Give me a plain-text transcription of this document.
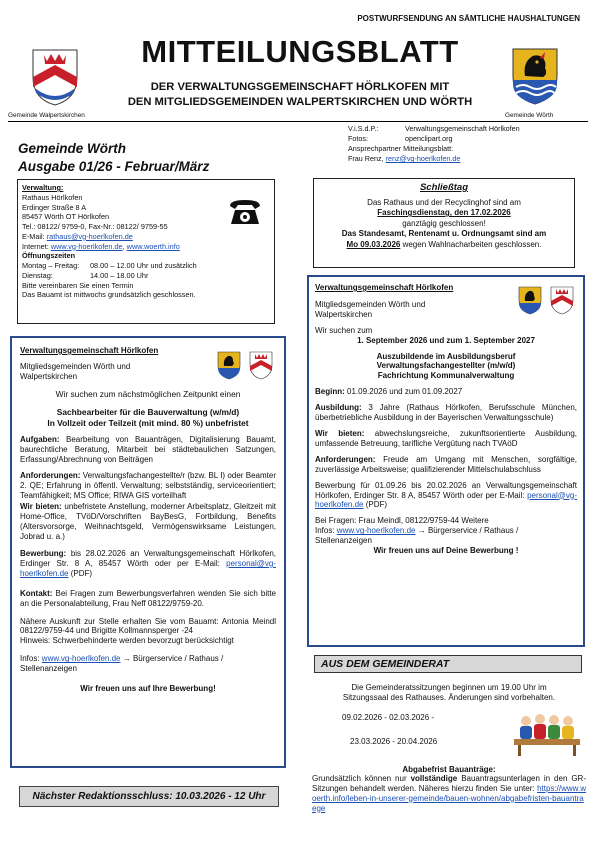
POSTWURFSENDUNG AN SÄMTLICHE HAUSHALTUNGEN
MITTEILUNGSBLATT
DER VERWALTUNGSGEMEINSCHAFT HÖRLKOFEN MIT
DEN MITGLIEDSGEMEINDEN WALPERTSKIRCHEN UND WÖRTH
Gemeinde Walpertskirchen	Gemeinde Wörth
V.i.S.d.P.:	Verwaltungsgemeinschaft Hörlkofen
Fotos:	openclipart.org
Ansprechpartner Mitteilungsblatt:
Frau Renz, renz@vg-hoerlkofen.de
Gemeinde Wörth
Ausgabe 01/26 - Februar/März
Verwaltung:
Rathaus Hörlkofen
Erdinger Straße 8 A
85457 Wörth OT Hörlkofen
Tel.: 08122/ 9759-0, Fax-Nr.: 08122/ 9759-55
E-Mail: rathaus@vg-hoerlkofen.de
Internet: www.vg-hoerlkofen.de, www.woerth.info
Öffnungszeiten
Montag – Freitag:	08.00 – 12.00 Uhr und zusätzlich
Dienstag:	14.00 – 18.00 Uhr
Bitte vereinbaren Sie einen Termin
Das Bauamt ist mittwochs grundsätzlich geschlossen.

Verwaltungsgemeinschaft Hörlkofen

Mitgliedsgemeinden Wörth und

Walpertskirchen

Wir suchen zum nächstmöglichen Zeitpunkt einen

Sachbearbeiter für die Bauverwaltung (w/m/d)

In Vollzeit oder Teilzeit (mit mind. 80 %) unbefristet

Aufgaben: Bearbeitung von Bauanträgen, Digitalisierung Bauamt, baurechtliche Beratung, Mitarbeit bei städtebaulichen Satzungen, Erfassung/Abrechnung von Beiträgen

Anforderungen: Verwaltungsfachangestellte/r (bzw. BL I) oder Beamter 2. QE; Erfahrung in öffentl. Verwaltung; selbstständig, serviceorientiert; Teamfähigkeit; MS Office; RIWA GIS vorteilhaft

Wir bieten: unbefristete Anstellung, moderner Arbeitsplatz, Gleitzeit mit Home-Office, TVöD/Vorschriften BayBesG, Fortbildung, Benefits (Altersvorsorge, Weihnachtsgeld, Vermögenswirksame Leistungen, Jobrad u. a.)

Bewerbung: bis 28.02.2026 an Verwaltungsgemeinschaft Hörlkofen, Erdinger Str. 8 A, 85457 Wörth oder per E-Mail: personal@vg-hoerlkofen.de (PDF)

Kontakt: Bei Fragen zum Bewerbungsverfahren wenden Sie sich bitte an die Personalabteilung, Frau Neff 08122/9759-20.

Nähere Auskunft zur Stelle erhalten Sie vom Bauamt: Antonia Meindl 08122/9759-44 und Brigitte Kollmannsperger -24

Hinweis: Schwerbehinderte werden bevorzugt berücksichtigt

Infos: www.vg-hoerlkofen.de → Bürgerservice / Rathaus / Stellenanzeigen

Wir freuen uns auf Ihre Bewerbung!

Nächster Redaktionsschluss: 10.03.2026 - 12 Uhr
Schließtag
Das Rathaus und der Recyclinghof sind am
Faschingsdienstag, den 17.02.2026
ganztägig geschlossen!
Das Standesamt, Rentenamt u. Ordnungsamt sind am
Mo 09.03.2026 wegen Wahlnacharbeiten geschlossen.

Verwaltungsgemeinschaft Hörlkofen

Mitgliedsgemeinden Wörth und

Walpertskirchen

Wir suchen zum

1. September 2026 und zum 1. September 2027

Auszubildende im Ausbildungsberuf

Verwaltungsfachangestellter (m/w/d)

Fachrichtung Kommunalverwaltung

Beginn: 01.09.2026 und zum 01.09.2027

Ausbildung: 3 Jahre (Rathaus Hörlkofen, Berufsschule München, überbetriebliche Ausbildung in der Bayerischen Verwaltungsschule)

Wir bieten: abwechslungsreiche, zukunftsorientierte Ausbildung, umfassende Betreuung, tarifliche Vergütung nach TVAöD

Anforderungen: Freude am Umgang mit Menschen, sorgfältige, zuverlässige Arbeitsweise; qualifizierender Mittelschulabschluss

Bewerbung für 01.09.26 bis 20.02.2026 an Verwaltungsgemeinschaft Hörlkofen, Erdinger Str. 8 A, 85457 Wörth oder per E-Mail: personal@vg-hoerlkofen.de (PDF)

Bei Fragen: Frau Meindl, 08122/9759-44 Weitere

Infos: www.vg-hoerlkofen.de → Bürgerservice / Rathaus / Stellenanzeigen

Wir freuen uns auf Deine Bewerbung !

AUS DEM GEMEINDERAT

Die Gemeinderatssitzungen beginnen um 19.00 Uhr im

Sitzungssaal des Rathauses. Änderungen sind vorbehalten.

09.02.2026 - 02.03.2026 -

23.03.2026 - 20.04.2026

Abgabefrist Bauanträge:

Grundsätzlich können nur vollständige Bauantragsunterlagen in den GR-Sitzungen behandelt werden. Näheres hierzu finden Sie unter: https://www.woerth.info/leben-in-unserer-gemeinde/bauen-wohnen/abgabefristen-bauantraege
